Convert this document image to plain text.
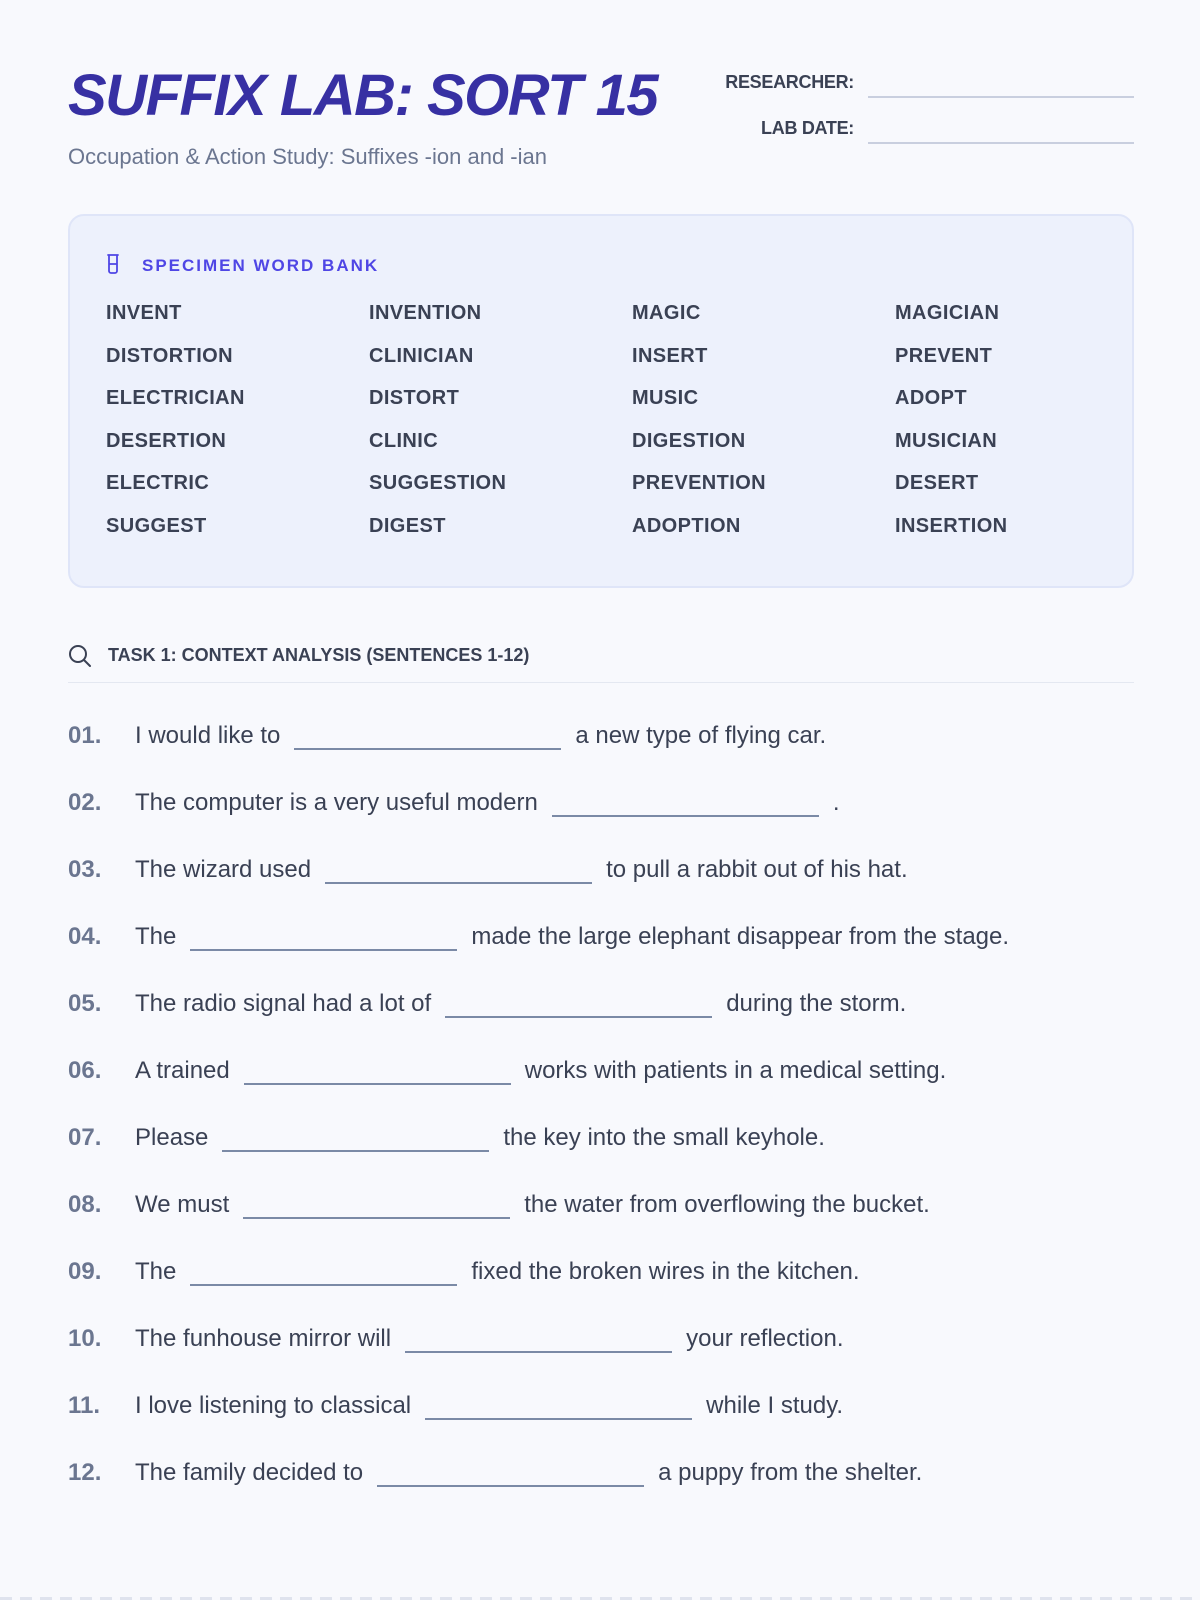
SUFFIX LAB: SORT 15
Occupation & Action Study: Suffixes -ion and -ian
RESEARCHER:
LAB DATE:
SPECIMEN WORD BANK
INVENT	INVENTION	MAGIC	MAGICIAN
DISTORTION	CLINICIAN	INSERT	PREVENT
ELECTRICIAN	DISTORT	MUSIC	ADOPT
DESERTION	CLINIC	DIGESTION	MUSICIAN
ELECTRIC	SUGGESTION	PREVENTION	DESERT
SUGGEST	DIGEST	ADOPTION	INSERTION
TASK 1: CONTEXT ANALYSIS (SENTENCES 1-12)
01.	I would like to	a new type of flying car.
02.	The computer is a very useful modern	.
03.	The wizard used	to pull a rabbit out of his hat.
04.	The	made the large elephant disappear from the stage.
05.	The radio signal had a lot of	during the storm.
06.	A trained	works with patients in a medical setting.
07.	Please	the key into the small keyhole.
08.	We must	the water from overflowing the bucket.
09.	The	fixed the broken wires in the kitchen.
10.	The funhouse mirror will	your reflection.
11.	I love listening to classical	while I study.
12.	The family decided to	a puppy from the shelter.
